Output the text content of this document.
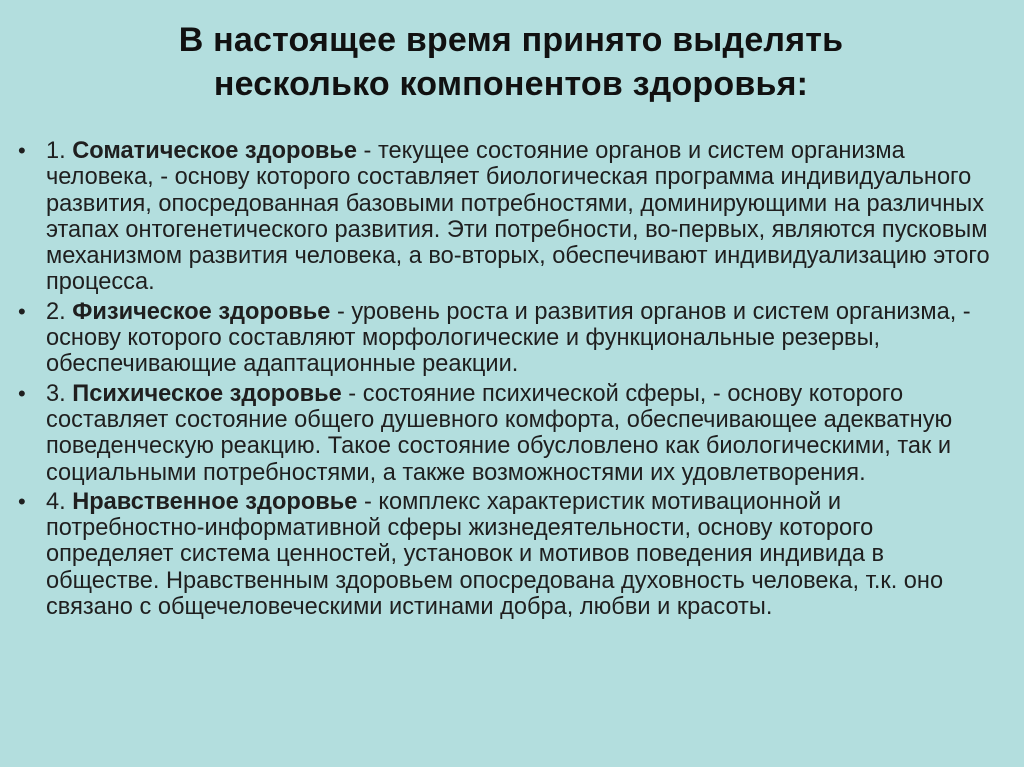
В настоящее время принято выделять
несколько компонентов здоровья:
• 1. Соматическое здоровье - текущее состояние органов и систем организма человека, - основу которого составляет биологическая программа индивидуального развития, опосредованная базовыми потребностями, доминирующими на различных этапах онтогенетического развития. Эти потребности, во-первых, являются пусковым механизмом развития человека, а во-вторых, обеспечивают индивидуализацию этого процесса.
• 2. Физическое здоровье - уровень роста и развития органов и систем организма, - основу которого составляют морфологические и функциональные резервы, обеспечивающие адаптационные реакции.
• 3. Психическое здоровье - состояние психической сферы, - основу которого составляет состояние общего душевного комфорта, обеспечивающее адекватную поведенческую реакцию. Такое состояние обусловлено как биологическими, так и социальными потребностями, а также возможностями их удовлетворения.
• 4. Нравственное здоровье - комплекс характеристик мотивационной и потребностно-информативной сферы жизнедеятельности, основу которого определяет система ценностей, установок и мотивов поведения индивида в обществе. Нравственным здоровьем опосредована духовность человека, т.к. оно связано с общечеловеческими истинами добра, любви и красоты.
